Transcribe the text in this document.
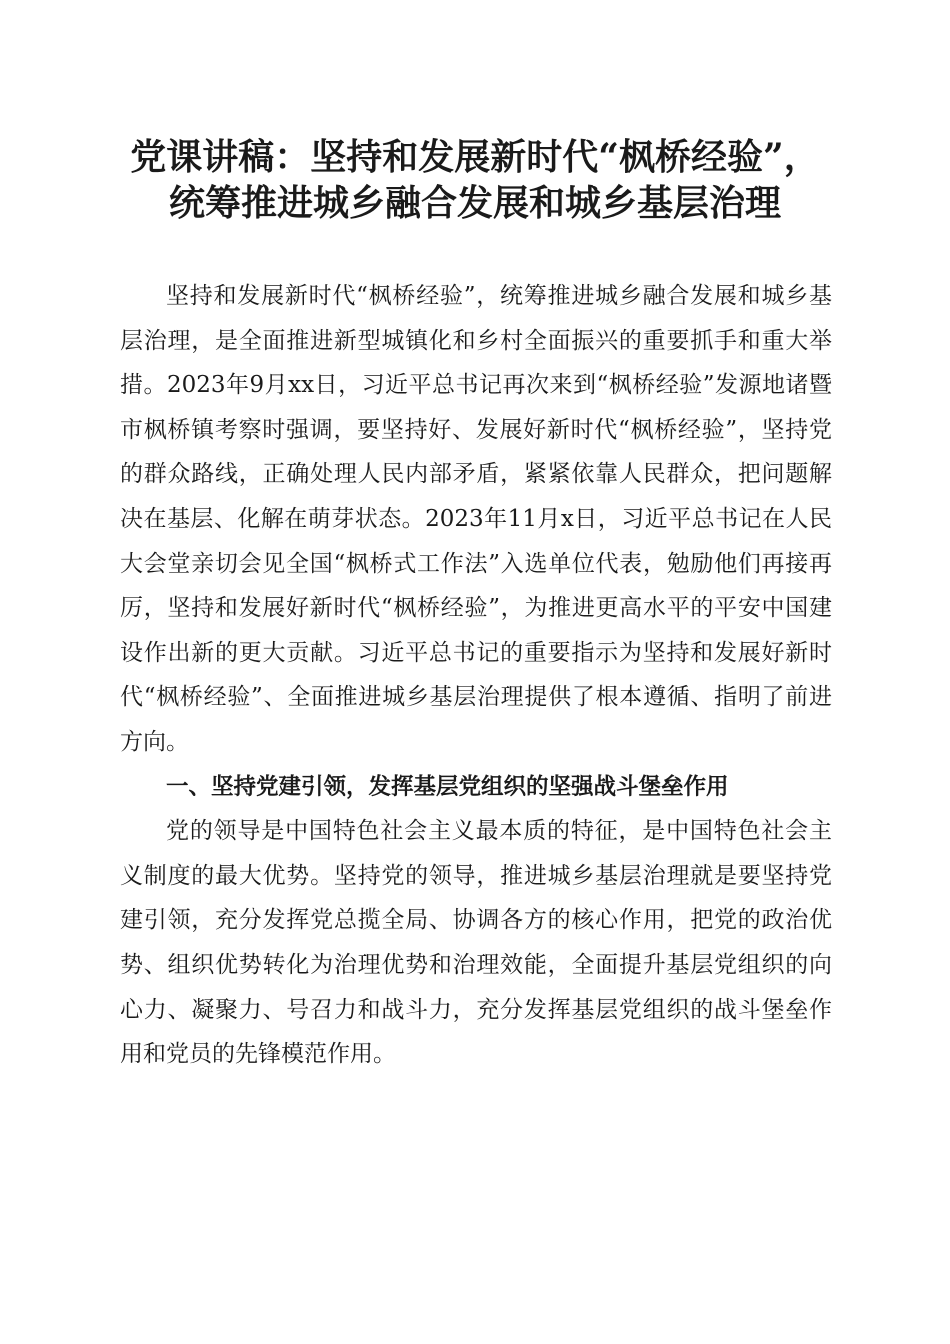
党课讲稿：坚持和发展新时代“枫桥经验”，
统筹推进城乡融合发展和城乡基层治理

坚持和发展新时代“枫桥经验”，统筹推进城乡融合发展和城乡基层治理，是全面推进新型城镇化和乡村全面振兴的重要抓手和重大举措。2023年9月xx日，习近平总书记再次来到“枫桥经验”发源地诸暨市枫桥镇考察时强调，要坚持好、发展好新时代“枫桥经验”，坚持党的群众路线，正确处理人民内部矛盾，紧紧依靠人民群众，把问题解决在基层、化解在萌芽状态。2023年11月x日，习近平总书记在人民大会堂亲切会见全国“枫桥式工作法”入选单位代表，勉励他们再接再厉，坚持和发展好新时代“枫桥经验”，为推进更高水平的平安中国建设作出新的更大贡献。习近平总书记的重要指示为坚持和发展好新时代“枫桥经验”、全面推进城乡基层治理提供了根本遵循、指明了前进方向。

一、坚持党建引领，发挥基层党组织的坚强战斗堡垒作用

党的领导是中国特色社会主义最本质的特征，是中国特色社会主义制度的最大优势。坚持党的领导，推进城乡基层治理就是要坚持党建引领，充分发挥党总揽全局、协调各方的核心作用，把党的政治优势、组织优势转化为治理优势和治理效能，全面提升基层党组织的向心力、凝聚力、号召力和战斗力，充分发挥基层党组织的战斗堡垒作用和党员的先锋模范作用。
